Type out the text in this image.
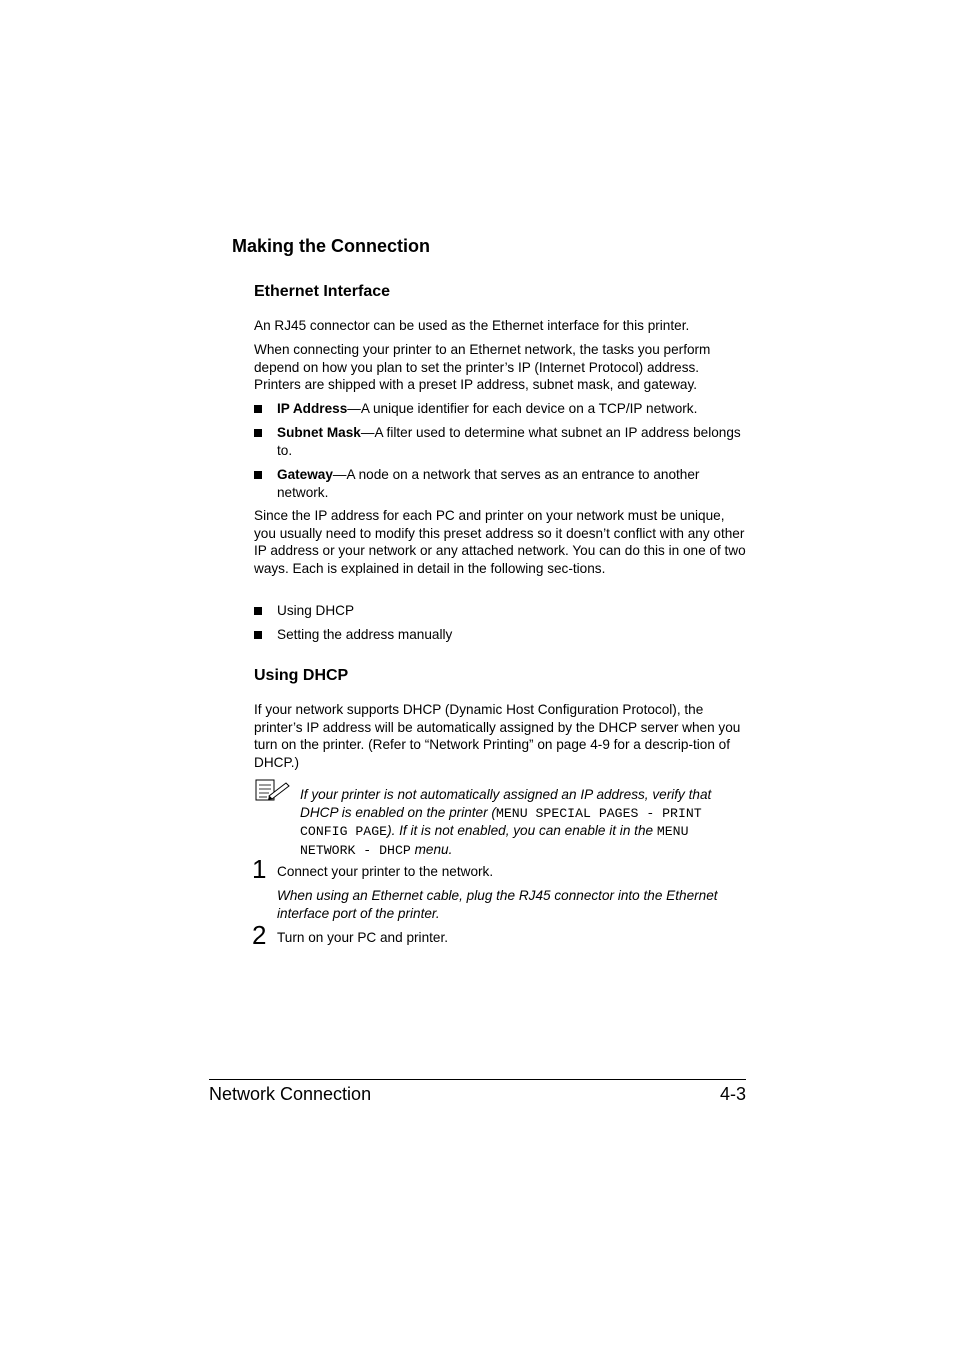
Making the Connection
Ethernet Interface

An RJ45 connector can be used as the Ethernet interface for this printer.

When connecting your printer to an Ethernet network, the tasks you perform depend on how you plan to set the printer’s IP (Internet Protocol) address. Printers are shipped with a preset IP address, subnet mask, and gateway.

IP Address—A unique identifier for each device on a TCP/IP network.
Subnet Mask—A filter used to determine what subnet an IP address belongs to.
Gateway—A node on a network that serves as an entrance to another network.

Since the IP address for each PC and printer on your network must be unique, you usually need to modify this preset address so it doesn’t conflict with any other IP address or your network or any attached network. You can do this in one of two ways. Each is explained in detail in the following sec-tions.

Using DHCP
Setting the address manually
Using DHCP

If your network supports DHCP (Dynamic Host Configuration Protocol), the printer’s IP address will be automatically assigned by the DHCP server when you turn on the printer. (Refer to “Network Printing” on page 4-9 for a descrip-tion of DHCP.)

If your printer is not automatically assigned an IP address, verify that DHCP is enabled on the printer (MENU SPECIAL PAGES - PRINT CONFIG PAGE). If it is not enabled, you can enable it in the MENU NETWORK - DHCP menu.
1 Connect your printer to the network.
When using an Ethernet cable, plug the RJ45 connector into the Ethernet interface port of the printer.
2 Turn on your PC and printer.
Network Connection	4-3
